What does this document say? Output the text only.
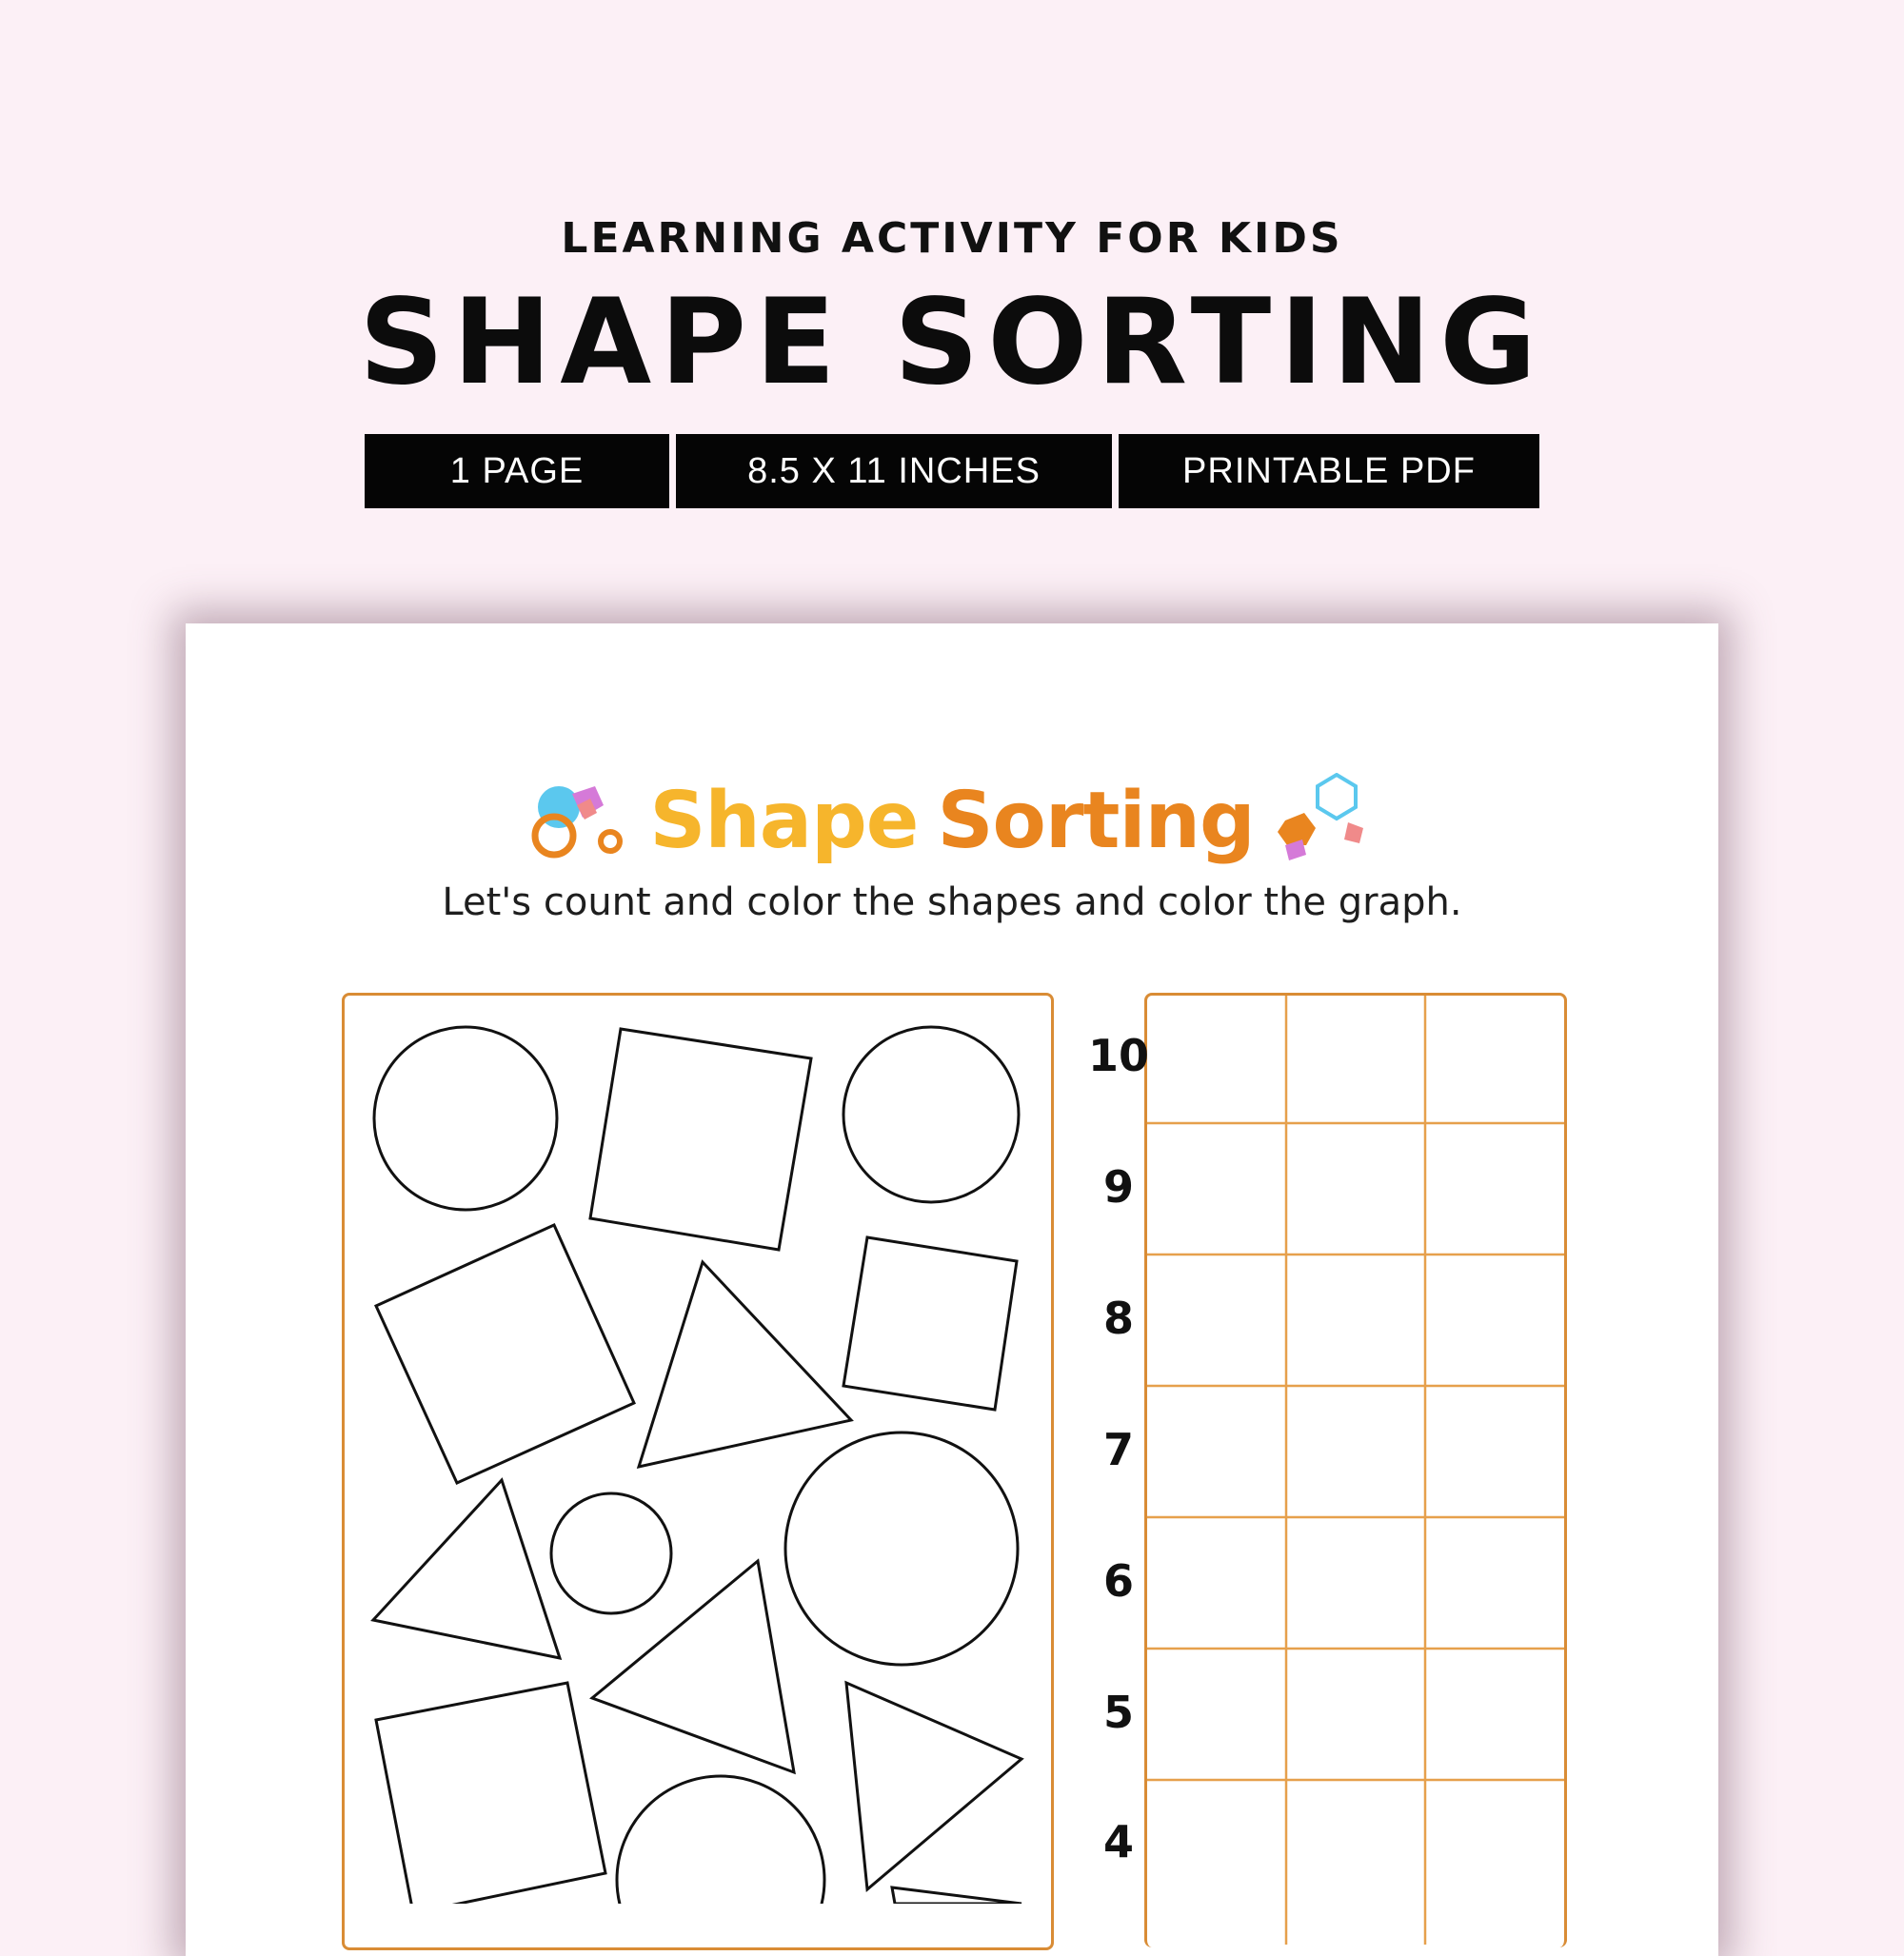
LEARNING ACTIVITY FOR KIDS
SHAPE SORTING
1 PAGE	8.5 X 11 INCHES	PRINTABLE PDF
Shape Sorting
Let's count and color the shapes and color the graph.
10
9
8
7
6
5
4
